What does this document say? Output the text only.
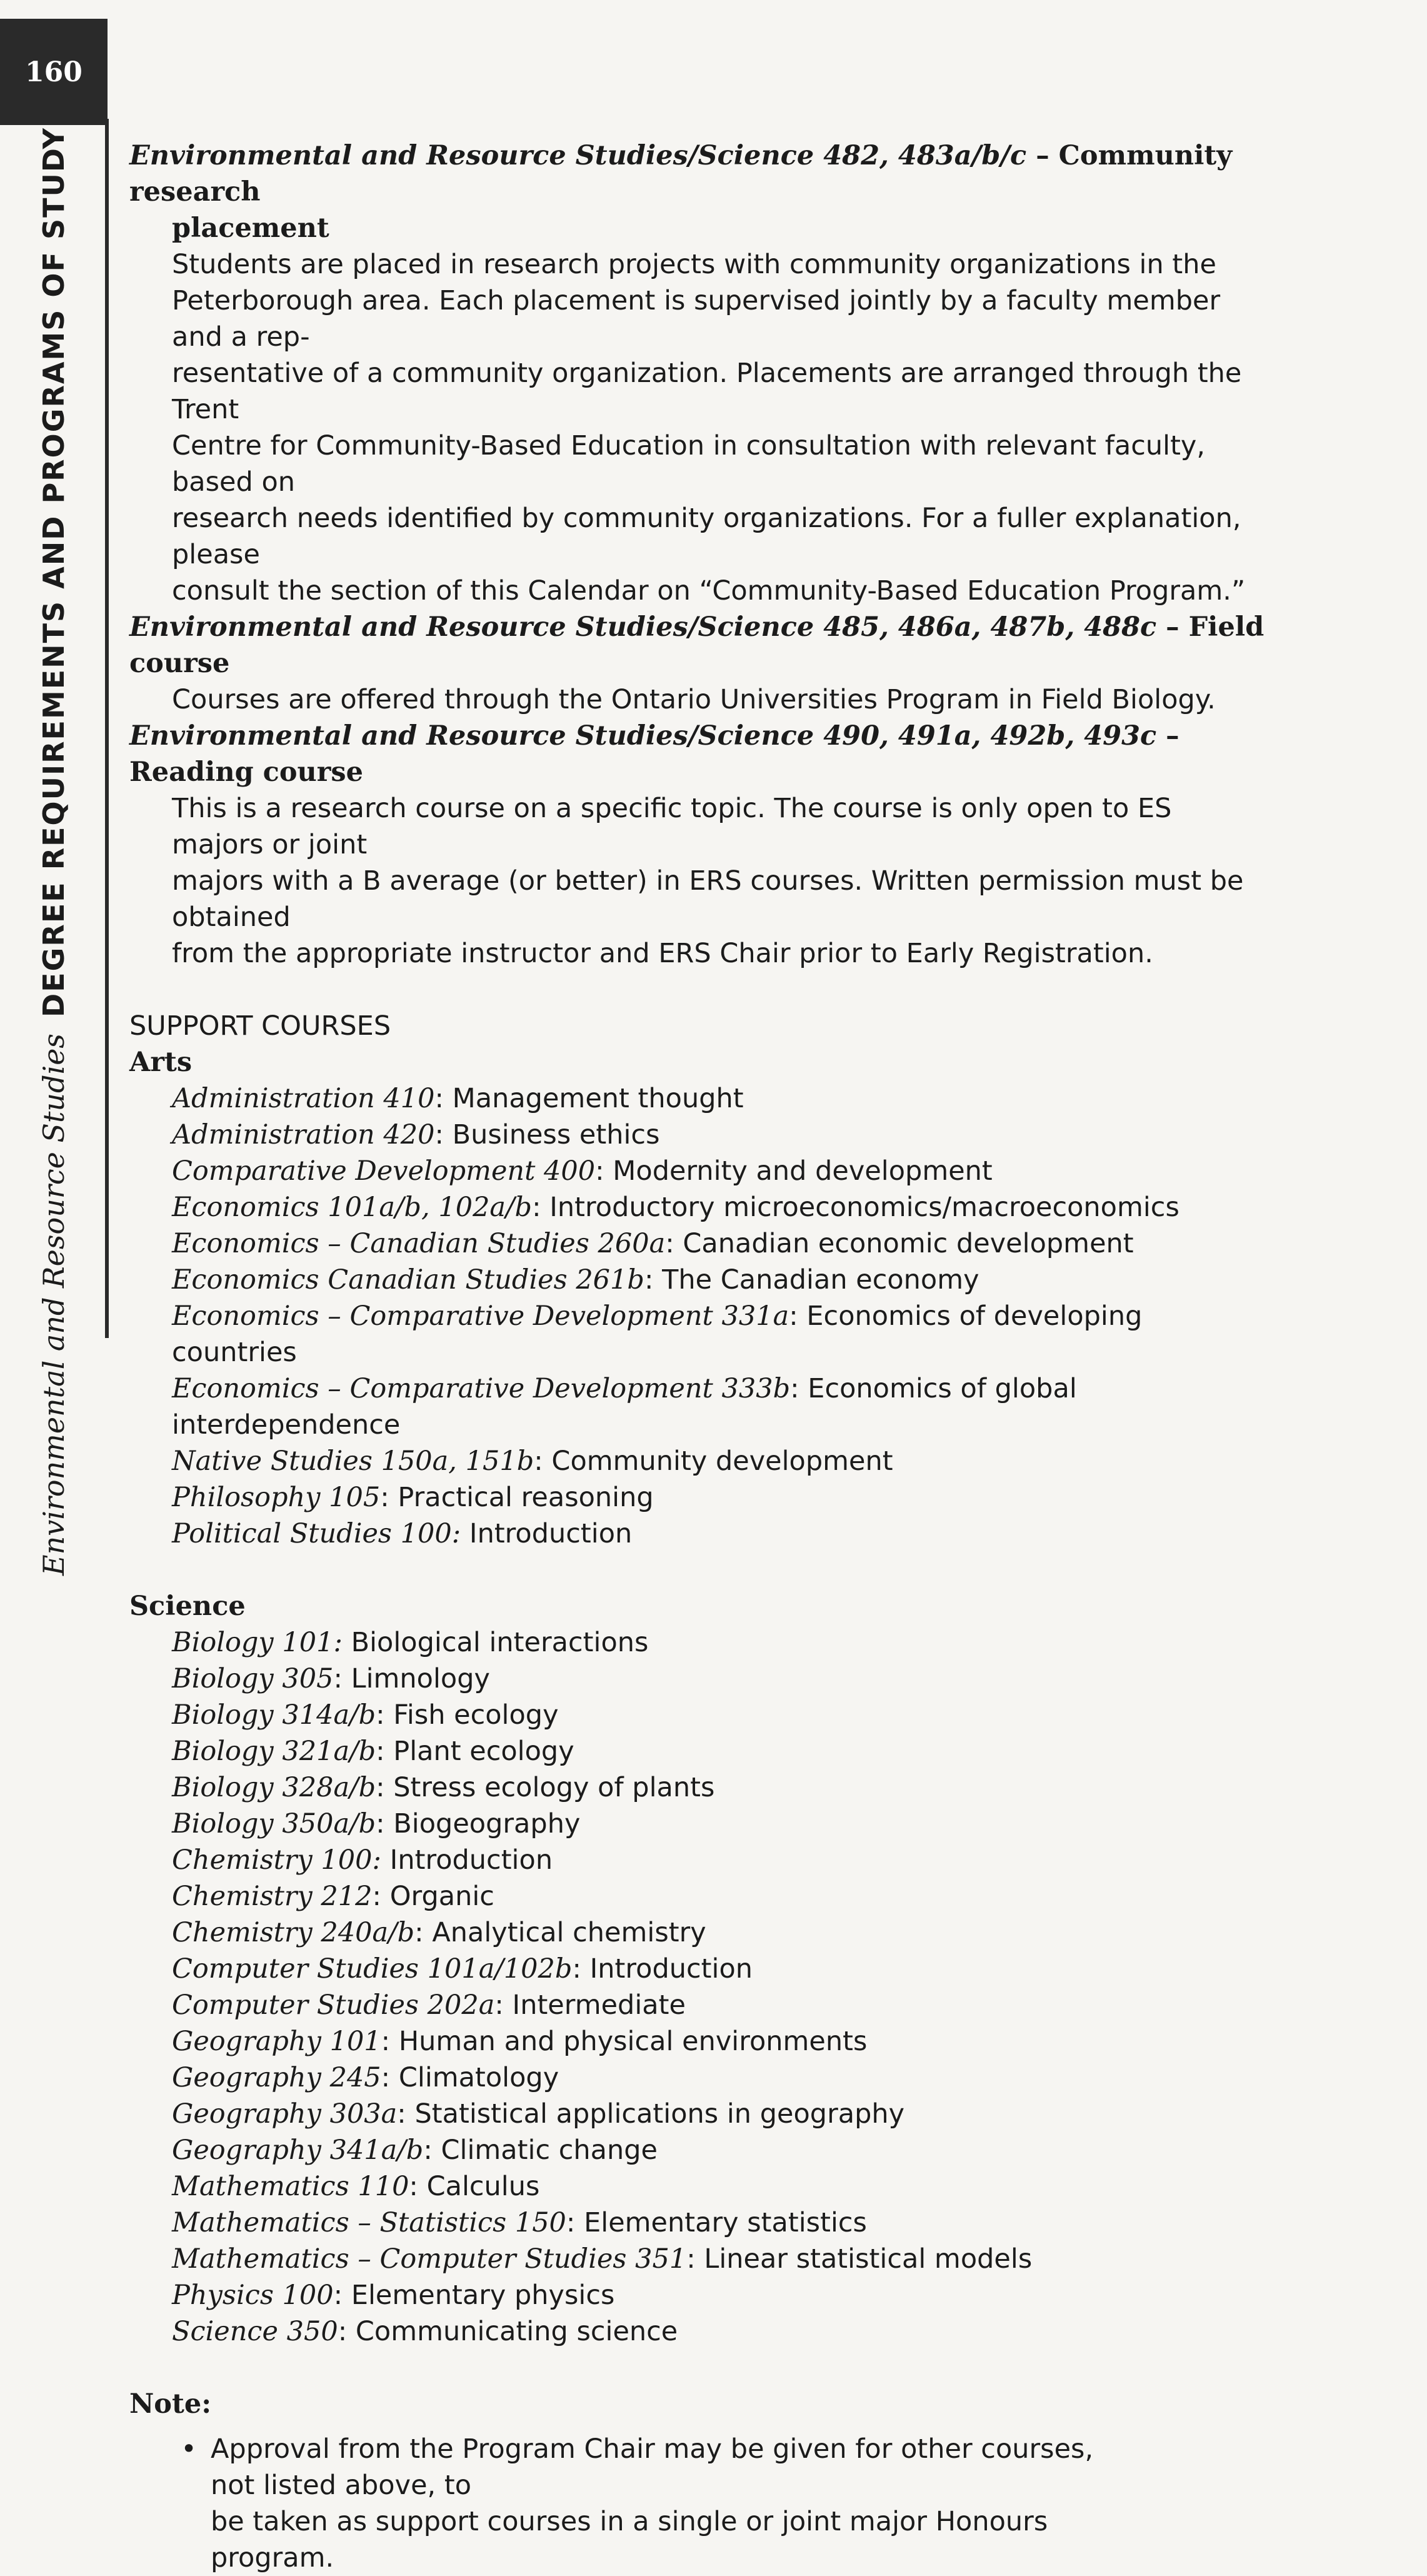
160
Environmental and Resource StudiesDEGREE REQUIREMENTS AND PROGRAMS OF STUDY Environmental and Resource Studies/Science 482, 483a/b/c – Community research
placement
Students are placed in research projects with community organizations in the
Peterborough area. Each placement is supervised jointly by a faculty member and a rep-
resentative of a community organization. Placements are arranged through the Trent
Centre for Community-Based Education in consultation with relevant faculty, based on
research needs identified by community organizations. For a fuller explanation, please
consult the section of this Calendar on “Community-Based Education Program.”
Environmental and Resource Studies/Science 485, 486a, 487b, 488c – Field course
Courses are offered through the Ontario Universities Program in Field Biology.
Environmental and Resource Studies/Science 490, 491a, 492b, 493c – Reading course
This is a research course on a specific topic. The course is only open to ES majors or joint
majors with a B average (or better) in ERS courses. Written permission must be obtained
from the appropriate instructor and ERS Chair prior to Early Registration.
SUPPORT COURSES
Arts
Administration 410: Management thought
Administration 420: Business ethics
Comparative Development 400: Modernity and development
Economics 101a/b, 102a/b: Introductory microeconomics/macroeconomics
Economics – Canadian Studies 260a: Canadian economic development
Economics Canadian Studies 261b: The Canadian economy
Economics – Comparative Development 331a: Economics of developing countries
Economics – Comparative Development 333b: Economics of global interdependence
Native Studies 150a, 151b: Community development
Philosophy 105: Practical reasoning
Political Studies 100: Introduction
Science
Biology 101: Biological interactions
Biology 305: Limnology
Biology 314a/b: Fish ecology
Biology 321a/b: Plant ecology
Biology 328a/b: Stress ecology of plants
Biology 350a/b: Biogeography
Chemistry 100: Introduction
Chemistry 212: Organic
Chemistry 240a/b: Analytical chemistry
Computer Studies 101a/102b: Introduction
Computer Studies 202a: Intermediate
Geography 101: Human and physical environments
Geography 245: Climatology
Geography 303a: Statistical applications in geography
Geography 341a/b: Climatic change
Mathematics 110: Calculus
Mathematics – Statistics 150: Elementary statistics
Mathematics – Computer Studies 351: Linear statistical models
Physics 100: Elementary physics
Science 350: Communicating science
Note:
• Approval from the Program Chair may be given for other courses, not listed above, to
be taken as support courses in a single or joint major Honours program.
